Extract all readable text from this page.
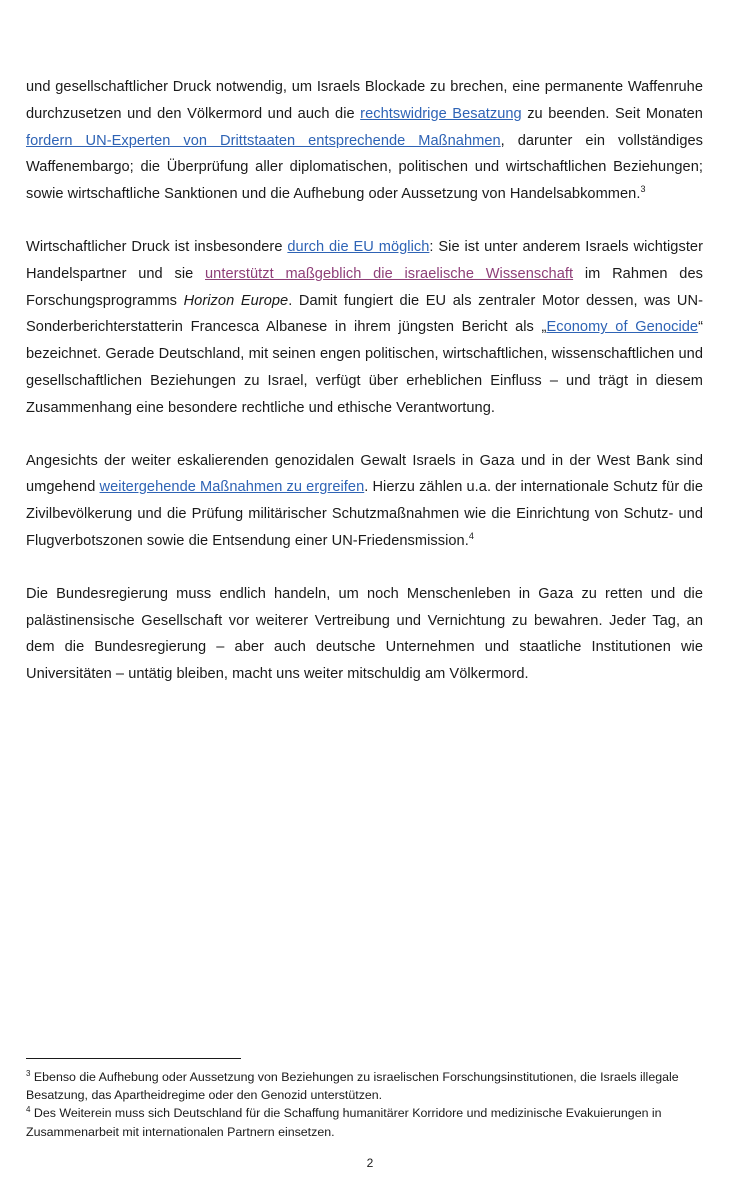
und gesellschaftlicher Druck notwendig, um Israels Blockade zu brechen, eine permanente Waffenruhe durchzusetzen und den Völkermord und auch die rechtswidrige Besatzung zu beenden. Seit Monaten fordern UN-Experten von Drittstaaten entsprechende Maßnahmen, darunter ein vollständiges Waffenembargo; die Überprüfung aller diplomatischen, politischen und wirtschaftlichen Beziehungen; sowie wirtschaftliche Sanktionen und die Aufhebung oder Aussetzung von Handelsabkommen.$^3$

Wirtschaftlicher Druck ist insbesondere durch die EU möglich: Sie ist unter anderem Israels wichtigster Handelspartner und sie unterstützt maßgeblich die israelische Wissenschaft im Rahmen des Forschungsprogramms Horizon Europe. Damit fungiert die EU als zentraler Motor dessen, was UN-Sonderberichterstatterin Francesca Albanese in ihrem jüngsten Bericht als „Economy of Genocide“ bezeichnet. Gerade Deutschland, mit seinen engen politischen, wirtschaftlichen, wissenschaftlichen und gesellschaftlichen Beziehungen zu Israel, verfügt über erheblichen Einfluss – und trägt in diesem Zusammenhang eine besondere rechtliche und ethische Verantwortung.

Angesichts der weiter eskalierenden genozidalen Gewalt Israels in Gaza und in der West Bank sind umgehend weitergehende Maßnahmen zu ergreifen. Hierzu zählen u.a. der internationale Schutz für die Zivilbevölkerung und die Prüfung militärischer Schutzmaßnahmen wie die Einrichtung von Schutz- und Flugverbotszonen sowie die Entsendung einer UN-Friedensmission.$^4$

Die Bundesregierung muss endlich handeln, um noch Menschenleben in Gaza zu retten und die palästinensische Gesellschaft vor weiterer Vertreibung und Vernichtung zu bewahren. Jeder Tag, an dem die Bundesregierung – aber auch deutsche Unternehmen und staatliche Institutionen wie Universitäten – untätig bleiben, macht uns weiter mitschuldig am Völkermord.

$^3$ Ebenso die Aufhebung oder Aussetzung von Beziehungen zu israelischen Forschungsinstitutionen, die Israels illegale Besatzung, das Apartheidregime oder den Genozid unterstützen.

$^4$ Des Weiterein muss sich Deutschland für die Schaffung humanitärer Korridore und medizinische Evakuierungen in Zusammenarbeit mit internationalen Partnern einsetzen.

2
